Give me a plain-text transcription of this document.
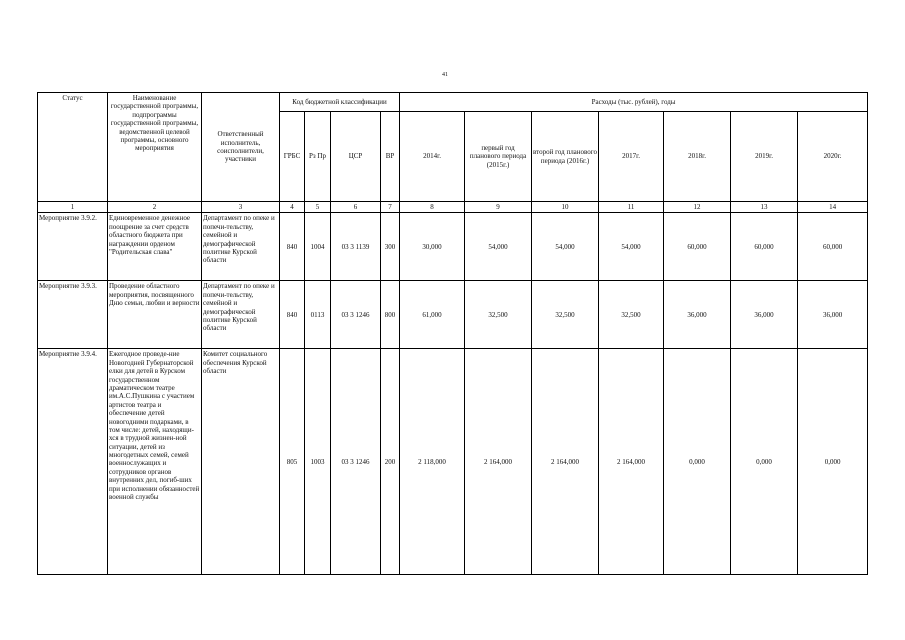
41
Статус	Наименование государственной программы, подпрограммы государственной программы, ведомственной целевой программы, основного мероприятия	Ответственный исполнитель, соисполнители, участники	Код бюджетной классификации				Расходы (тыс. рублей), годы						
			ГРБС	Рз Пр	ЦСР	ВР	2014г.	первый год планового периода (2015г.)	второй год планового периода (2016г.)	2017г.	2018г.	2019г.	2020г.
1	2	3	4	5	6	7	8	9	10	11	12	13	14
Мероприятие 3.9.2.	Единовременное денежное поощрение за счет средств областного бюджета при награждении орденом "Родительская слава"	Департамент по опеке и попечи-тельству, семейной и демографической политике Курской области	840	1004	03 3 1139	300	30,000	54,000	54,000	54,000	60,000	60,000	60,000
Мероприятие 3.9.3.	Проведение областного мероприятия, посвященного Дню семьи, любви и верности	Департамент по опеке и попечи-тельству, семейной и демографической политике Курской области	840	0113	03 3 1246	800	61,000	32,500	32,500	32,500	36,000	36,000	36,000
Мероприятие 3.9.4.	Ежегодное проведе-ние Новогодней Губернаторской елки для детей в Курском государственном драматическом театре им.А.С.Пушкина с участием артистов театра и обеспечение детей новогодними подарками, в том числе: детей, находящи-хся в трудной жизнен-ной ситуации, детей из многодетных семей, семей военнослужащих и сотрудников органов внутренних дел, погиб-ших при исполнении обязанностей военной службы	Комитет социального обеспечения Курской области	805	1003	03 3 1246	200	2 118,000	2 164,000	2 164,000	2 164,000	0,000	0,000	0,000
